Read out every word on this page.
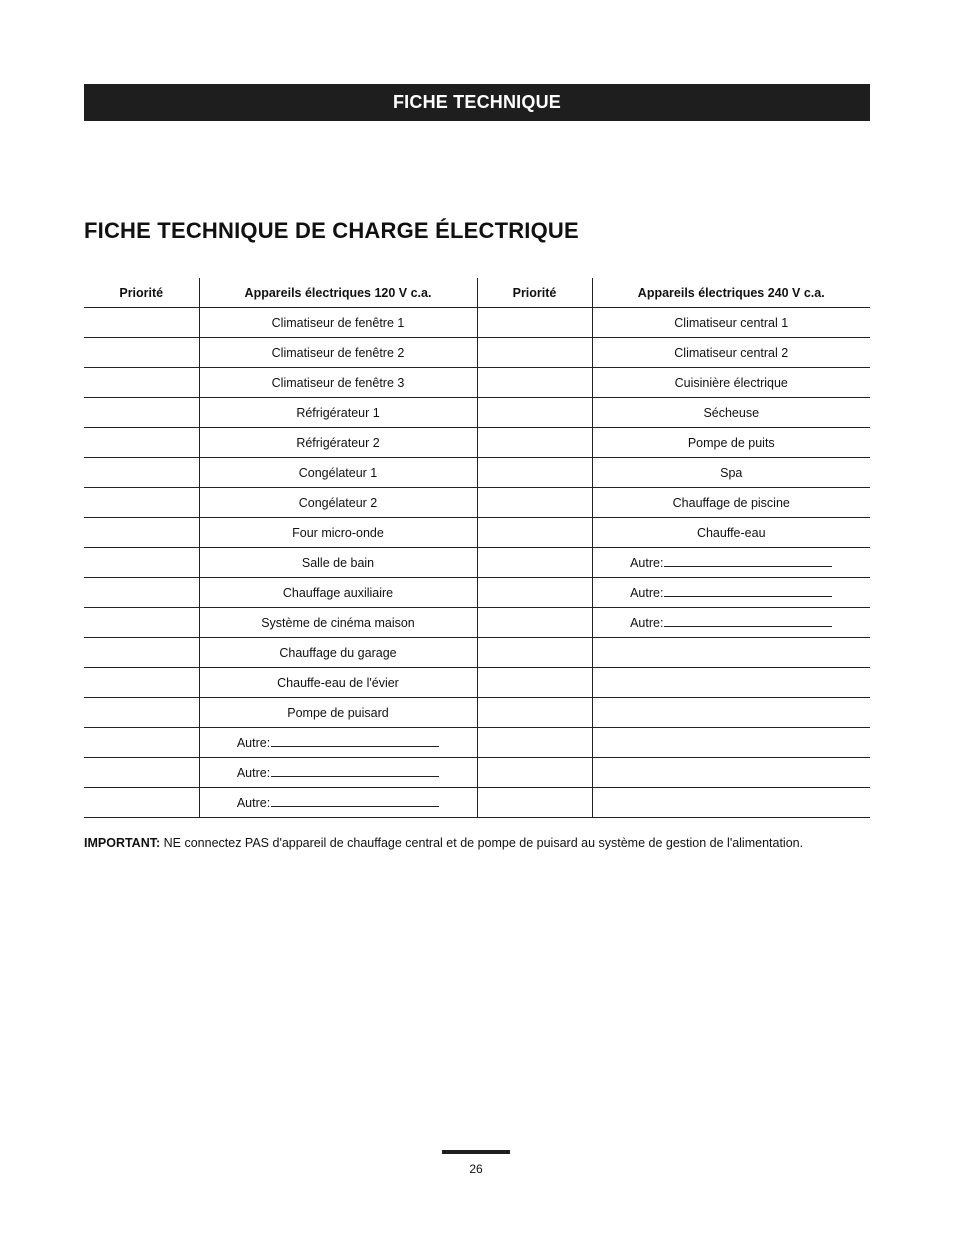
FICHE TECHNIQUE
FICHE TECHNIQUE DE CHARGE ÉLECTRIQUE
Priorité	Appareils électriques 120 V c.a.	Priorité	Appareils électriques 240 V c.a.
	Climatiseur de fenêtre 1		Climatiseur central 1
	Climatiseur de fenêtre 2		Climatiseur central 2
	Climatiseur de fenêtre 3		Cuisinière électrique
	Réfrigérateur 1		Sécheuse
	Réfrigérateur 2		Pompe de puits
	Congélateur 1		Spa
	Congélateur 2		Chauffage de piscine
	Four micro-onde		Chauffe-eau
	Salle de bain		Autre:
	Chauffage auxiliaire		Autre:
	Système de cinéma maison		Autre:
	Chauffage du garage		
	Chauffe-eau de l'évier		
	Pompe de puisard		
	Autre:		
	Autre:		
	Autre:		
IMPORTANT: NE connectez PAS d'appareil de chauffage central et de pompe de puisard au système de gestion de l'alimentation.
26
